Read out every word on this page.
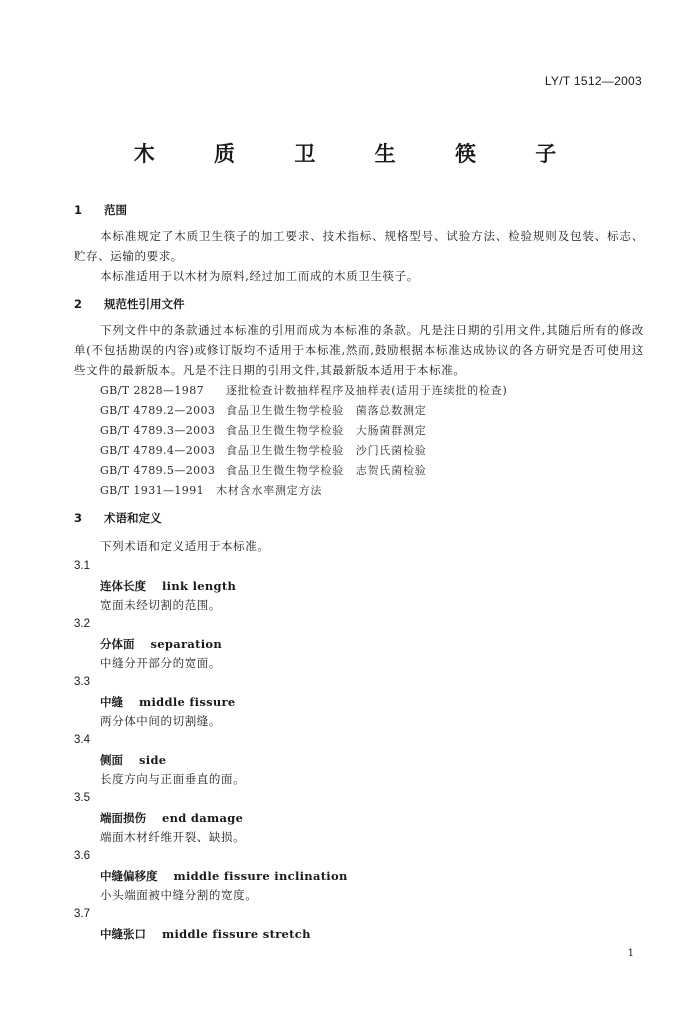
LY/T 1512—2003
木 质 卫 生 筷 子
1 范围
本标准规定了木质卫生筷子的加工要求、技术指标、规格型号、试验方法、检验规则及包装、标志、贮存、运输的要求。
本标准适用于以木材为原料,经过加工而成的木质卫生筷子。
2 规范性引用文件
下列文件中的条款通过本标准的引用而成为本标准的条款。凡是注日期的引用文件,其随后所有的修改单(不包括勘误的内容)或修订版均不适用于本标准,然而,鼓励根据本标准达成协议的各方研究是否可使用这些文件的最新版本。凡是不注日期的引用文件,其最新版本适用于本标准。
GB/T 2828—1987 逐批检查计数抽样程序及抽样表(适用于连续批的检查)
GB/T 4789.2—2003 食品卫生微生物学检验　菌落总数测定
GB/T 4789.3—2003 食品卫生微生物学检验　大肠菌群测定
GB/T 4789.4—2003 食品卫生微生物学检验　沙门氏菌检验
GB/T 4789.5—2003 食品卫生微生物学检验　志贺氏菌检验
GB/T 1931—1991 木材含水率测定方法
3 术语和定义
下列术语和定义适用于本标准。
3.1
连体长度 link length
宽面未经切割的范围。
3.2
分体面 separation
中缝分开部分的宽面。
3.3
中缝 middle fissure
两分体中间的切割缝。
3.4
侧面 side
长度方向与正面垂直的面。
3.5
端面损伤 end damage
端面木材纤维开裂、缺损。
3.6
中缝偏移度 middle fissure inclination
小头端面被中缝分割的宽度。
3.7
中缝张口 middle fissure stretch
1
